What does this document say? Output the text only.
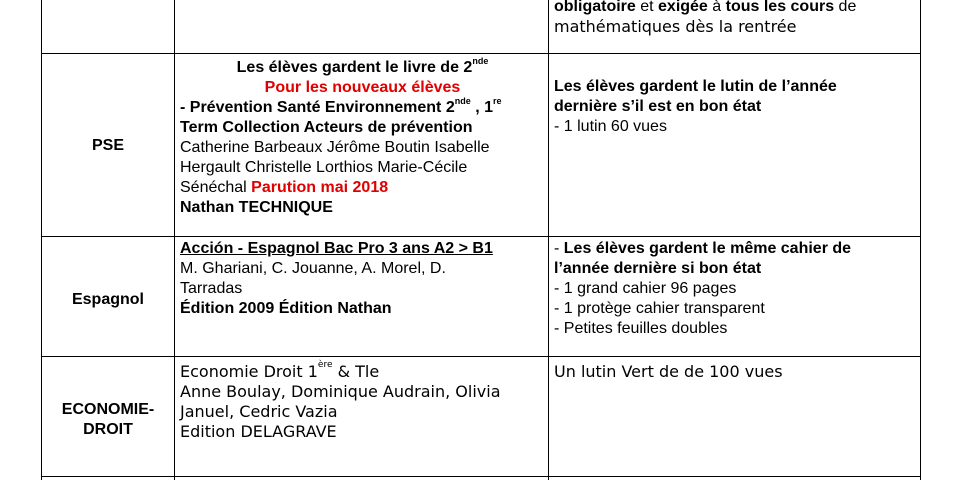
obligatoire et exigée à tous les cours de
mathématiques dès la rentrée
PSE
Les élèves gardent le livre de 2nde
Pour les nouveaux élèves
- Prévention Santé Environnement 2nde , 1re
Term Collection Acteurs de prévention
Catherine Barbeaux Jérôme Boutin Isabelle
Hergault Christelle Lorthios Marie-Cécile
Sénéchal Parution mai 2018
Nathan TECHNIQUE
Les élèves gardent le lutin de l’année
dernière s’il est en bon état
- 1 lutin 60 vues
Espagnol
Acción - Espagnol Bac Pro 3 ans A2 > B1
M. Ghariani, C. Jouanne, A. Morel, D.
Tarradas
Édition 2009 Édition Nathan
- Les élèves gardent le même cahier de
l’année dernière si bon état
- 1 grand cahier 96 pages
- 1 protège cahier transparent
- Petites feuilles doubles
ECONOMIE-
DROIT
Economie Droit 1ère & Tle
Anne Boulay, Dominique Audrain, Olivia
Januel, Cedric Vazia
Edition DELAGRAVE
Un lutin Vert de de 100 vues
